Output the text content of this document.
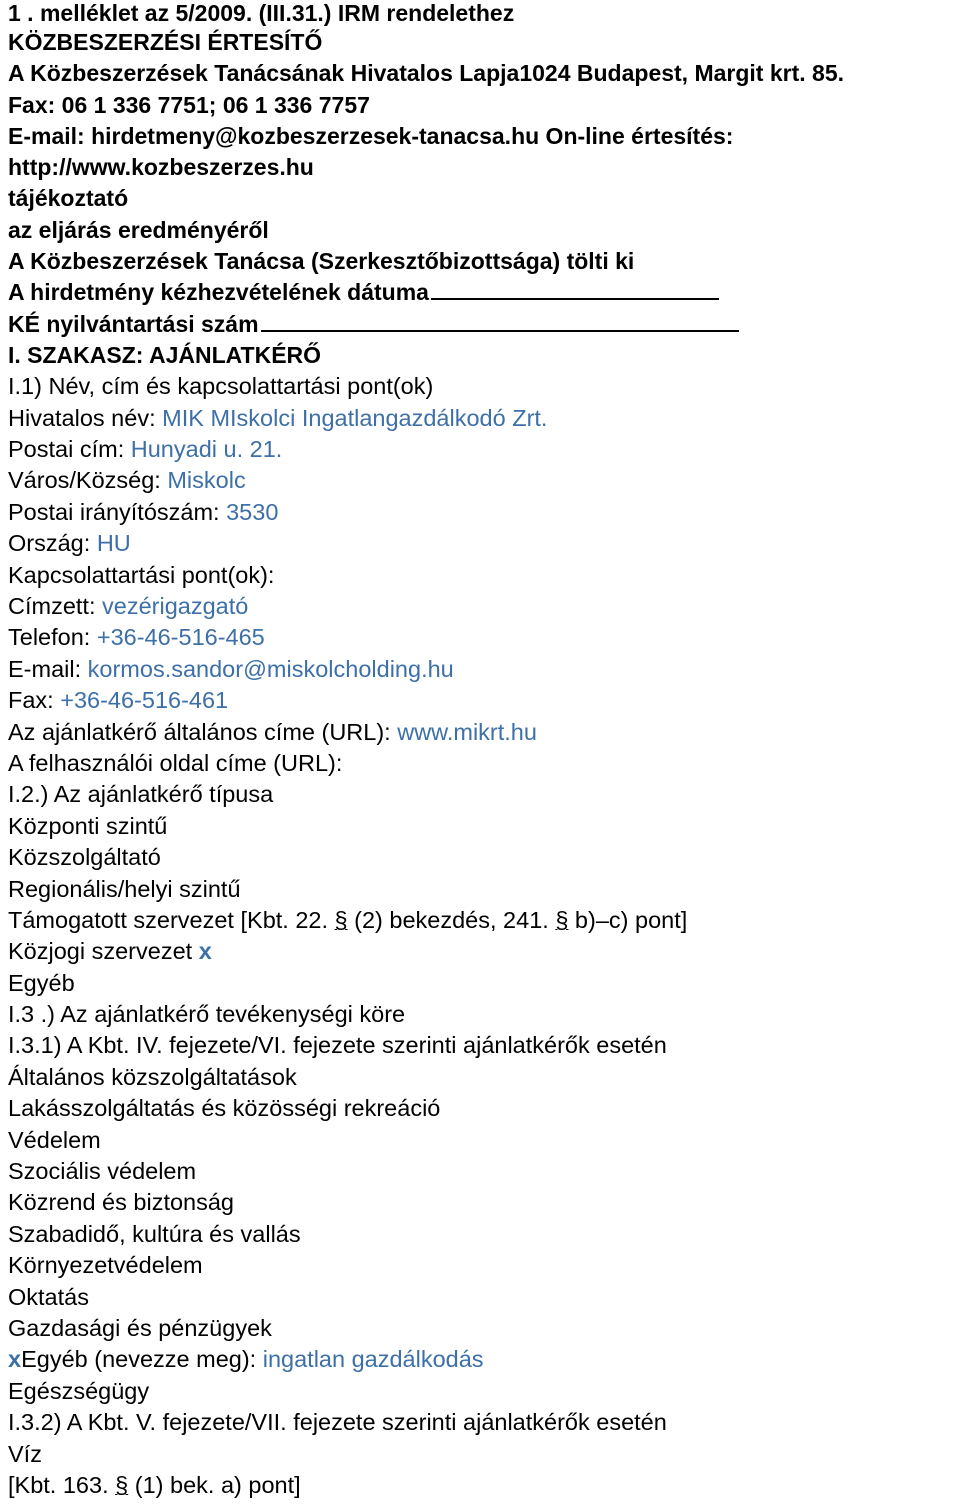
1 . melléklet az 5/2009. (III.31.) IRM rendelethez
KÖZBESZERZÉSI ÉRTESÍTŐ
A Közbeszerzések Tanácsának Hivatalos Lapja1024 Budapest, Margit krt. 85.
Fax: 06 1 336 7751; 06 1 336 7757
E-mail: hirdetmeny@kozbeszerzesek-tanacsa.hu On-line értesítés:
http://www.kozbeszerzes.hu
tájékoztató
az eljárás eredményéről
A Közbeszerzések Tanácsa (Szerkesztőbizottsága) tölti ki
A hirdetmény kézhezvételének dátuma
KÉ nyilvántartási szám
I. SZAKASZ: AJÁNLATKÉRŐ
I.1) Név, cím és kapcsolattartási pont(ok)
Hivatalos név: MIK MIskolci Ingatlangazdálkodó Zrt.
Postai cím: Hunyadi u. 21.
Város/Község: Miskolc
Postai irányítószám: 3530
Ország: HU
Kapcsolattartási pont(ok):
Címzett: vezérigazgató
Telefon: +36-46-516-465
E-mail: kormos.sandor@miskolcholding.hu
Fax: +36-46-516-461
Az ajánlatkérő általános címe (URL): www.mikrt.hu
A felhasználói oldal címe (URL):
I.2.) Az ajánlatkérő típusa
Központi szintű
Közszolgáltató
Regionális/helyi szintű
Támogatott szervezet [Kbt. 22. § (2) bekezdés, 241. § b)–c) pont]
Közjogi szervezet x
Egyéb
I.3 .) Az ajánlatkérő tevékenységi köre
I.3.1) A Kbt. IV. fejezete/VI. fejezete szerinti ajánlatkérők esetén
Általános közszolgáltatások
Lakásszolgáltatás és közösségi rekreáció
Védelem
Szociális védelem
Közrend és biztonság
Szabadidő, kultúra és vallás
Környezetvédelem
Oktatás
Gazdasági és pénzügyek
xEgyéb (nevezze meg): ingatlan gazdálkodás
Egészségügy
I.3.2) A Kbt. V. fejezete/VII. fejezete szerinti ajánlatkérők esetén
Víz
[Kbt. 163. § (1) bek. a) pont]
